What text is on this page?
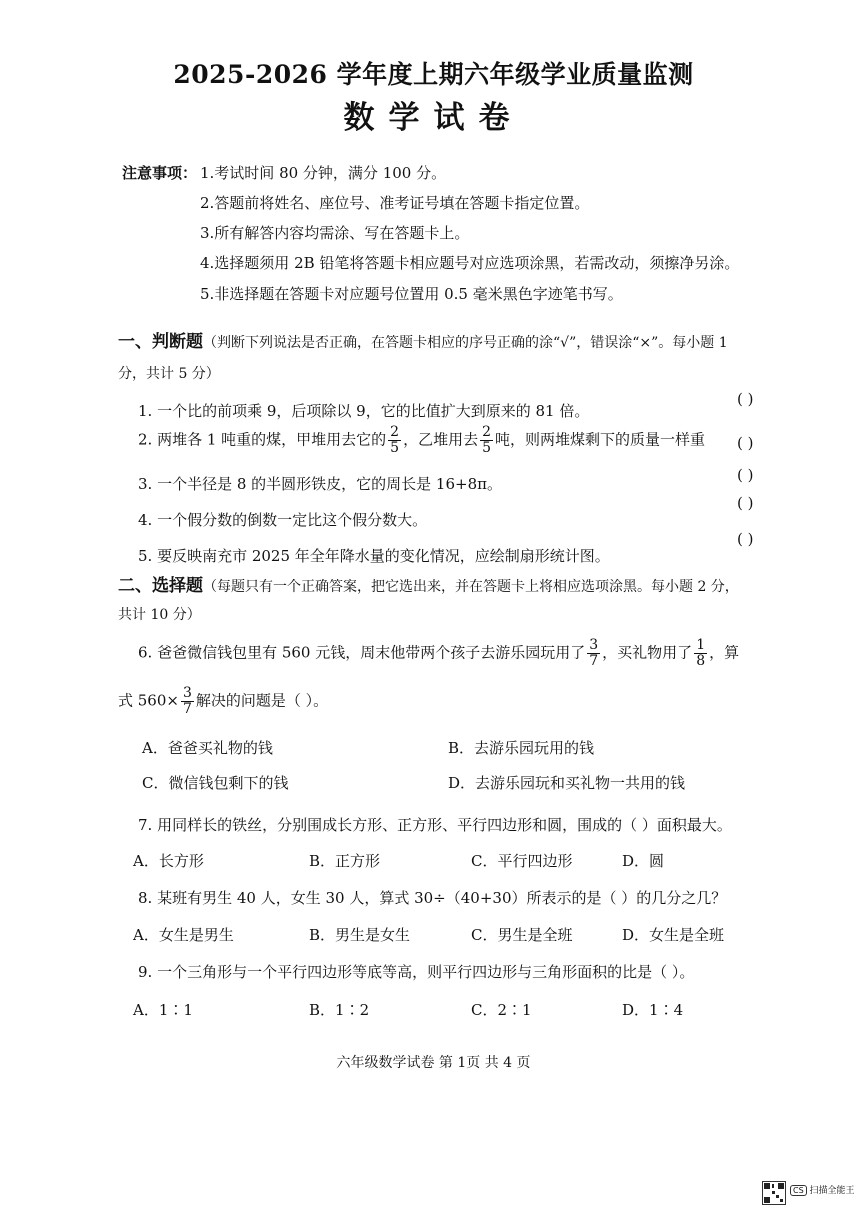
2025-2026 学年度上期六年级学业质量监测
数学试卷
注意事项： 1.考试时间 80 分钟，满分 100 分。
2.答题前将姓名、座位号、准考证号填在答题卡指定位置。
3.所有解答内容均需涂、写在答题卡上。
4.选择题须用 2B 铅笔将答题卡相应题号对应选项涂黑，若需改动，须擦净另涂。
5.非选择题在答题卡对应题号位置用 0.5 毫米黑色字迹笔书写。
一、判断题（判断下列说法是否正确，在答题卡相应的序号正确的涂“√”，错误涂“×”。每小题 1
分，共计 5 分）
1. 一个比的前项乘 9，后项除以 9，它的比值扩大到原来的 81 倍。
( )
2. 两堆各 1 吨重的煤，甲堆用去它的 $\frac{2}{5}$ ，乙堆用去 $\frac{2}{5}$ 吨，则两堆煤剩下的质量一样重 ( )
3. 一个半径是 8 的半圆形铁皮，它的周长是 16+8π。	( )
( )
4. 一个假分数的倒数一定比这个假分数大。
( )
5. 要反映南充市 2025 年全年降水量的变化情况，应绘制扇形统计图。
二、选择题（每题只有一个正确答案，把它选出来，并在答题卡上将相应选项涂黑。每小题 2 分，
共计 10 分）
6. 爸爸微信钱包里有 560 元钱，周末他带两个孩子去游乐园玩用了 $\frac{3}{7}$ ，买礼物用了 $\frac{1}{8}$ ，算
式 $560\times \frac{3}{7}$ 解决的问题是（ ）。
A．爸爸买礼物的钱	B．去游乐园玩用的钱
C．微信钱包剩下的钱	D．去游乐园玩和买礼物一共用的钱
7. 用同样长的铁丝，分别围成长方形、正方形、平行四边形和圆，围成的（ ）面积最大。
A．长方形	B．正方形	C．平行四边形	D．圆
8. 某班有男生 40 人，女生 30 人，算式 30÷（40+30）所表示的是（ ）的几分之几？
A．女生是男生	B．男生是女生	C．男生是全班	D．女生是全班
9. 一个三角形与一个平行四边形等底等高，则平行四边形与三角形面积的比是（ ）。
A．1∶1	B．1∶2	C．2∶1	D．1∶4
六年级数学试卷 第 1页 共 4 页
CS 扫描全能王
